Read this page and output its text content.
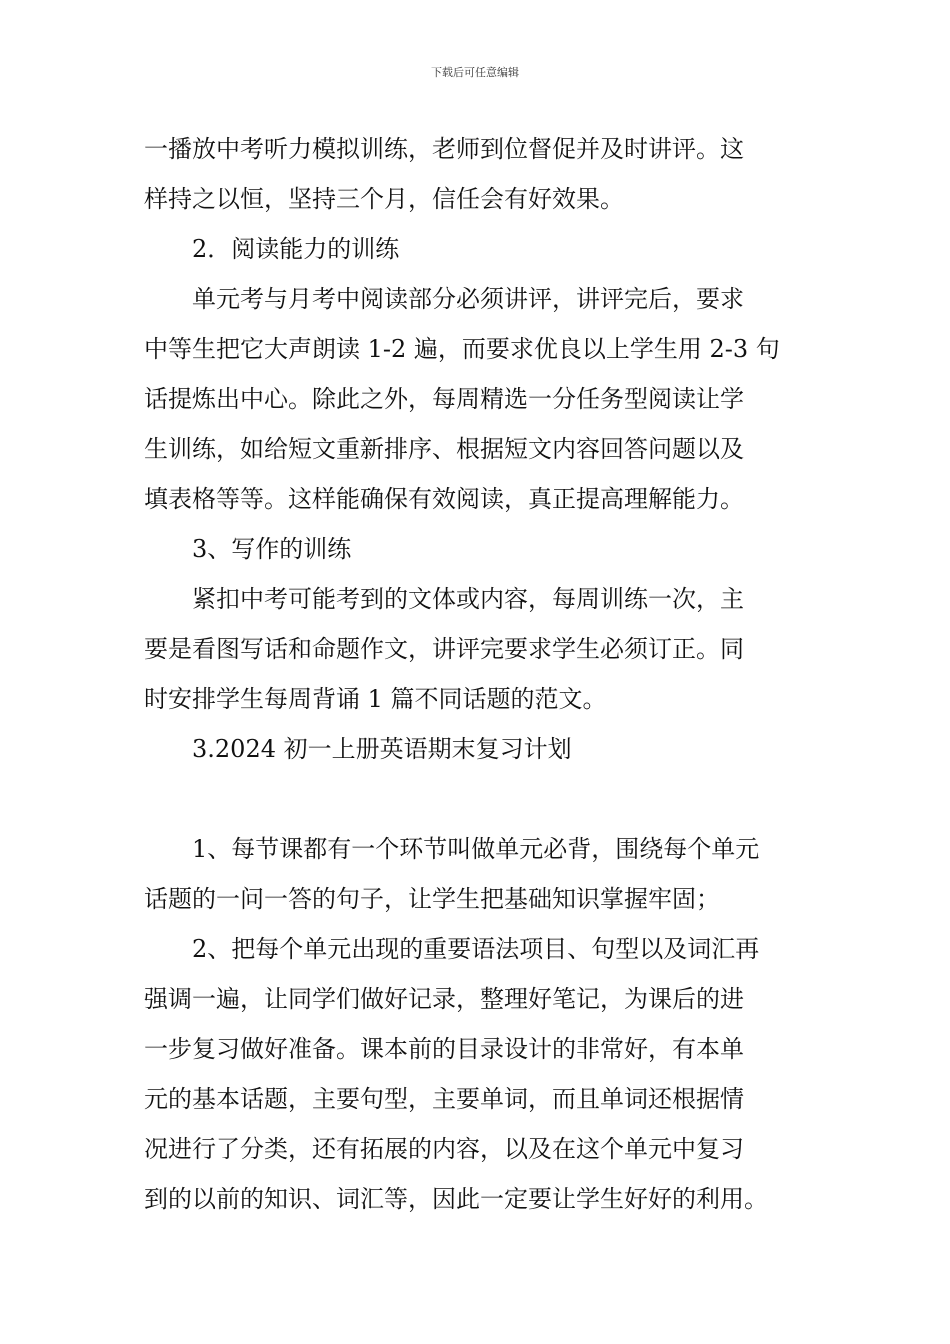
下载后可任意编辑

一播放中考听力模拟训练，老师到位督促并及时讲评。这

样持之以恒，坚持三个月，信任会有好效果。

2．阅读能力的训练

单元考与月考中阅读部分必须讲评，讲评完后，要求

中等生把它大声朗读 1-2 遍，而要求优良以上学生用 2-3 句

话提炼出中心。除此之外，每周精选一分任务型阅读让学

生训练，如给短文重新排序、根据短文内容回答问题以及

填表格等等。这样能确保有效阅读，真正提高理解能力。

3、写作的训练

紧扣中考可能考到的文体或内容，每周训练一次，主

要是看图写话和命题作文，讲评完要求学生必须订正。同

时安排学生每周背诵 1 篇不同话题的范文。

3.2024 初一上册英语期末复习计划

1、每节课都有一个环节叫做单元必背，围绕每个单元

话题的一问一答的句子，让学生把基础知识掌握牢固；

2、把每个单元出现的重要语法项目、句型以及词汇再

强调一遍，让同学们做好记录，整理好笔记，为课后的进

一步复习做好准备。课本前的目录设计的非常好，有本单

元的基本话题，主要句型，主要单词，而且单词还根据情

况进行了分类，还有拓展的内容，以及在这个单元中复习

到的以前的知识、词汇等，因此一定要让学生好好的利用。
